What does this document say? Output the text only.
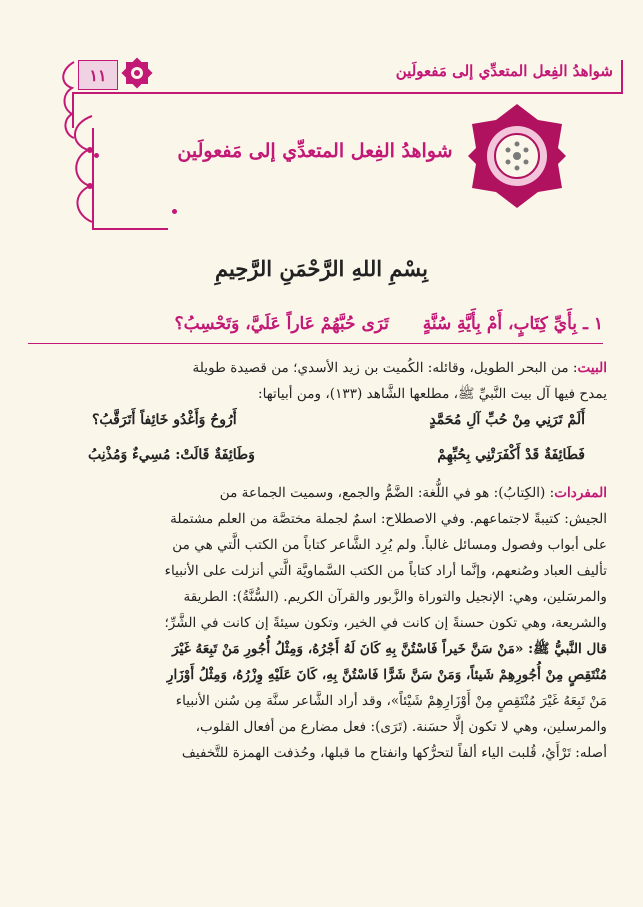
شواهدُ الفِعل المتعدِّي إلى مَفعولَين
١١
شواهدُ الفِعل المتعدِّي إلى مَفعولَين
بِسْمِ اللهِ الرَّحْمَنِ الرَّحِيمِ
١ ـ بِأَيِّ كِتَابٍ، أَمْ بِأَيَّةِ سُنَّةٍ  تَرَى حُبَّهُمْ عَاراً عَلَيَّ، وَتَحْسِبُ؟
البيت: من البحر الطويل، وقائله: الكُميت بن زيد الأسدي؛ من قصيدة طويلة
يمدح فيها آل بيت النَّبيِّ ﷺ، مطلعها الشَّاهد (١٣٣)، ومن أبياتها:
أَلَمْ تَرَنِي مِنْ حُبِّ آلِ مُحَمَّدٍ
أَرُوحُ وَأَغْدُو خَائِفاً أَتَرَقَّبُ؟
فَطَائِفَةٌ قَدْ أَكْفَرَتْنِي بِحُبِّهِمْ
وَطَائِفَةٌ قَالَتْ: مُسِيءٌ وَمُذْنِبُ
المفردات: (الكِتابُ): هو في اللُّغة: الضَّمُّ والجمع، وسميت الجماعة من
الجيش: كتيبةً لاجتماعهم. وفي الاصطلاح: اسمٌ لجملة مختصَّة من العلم مشتملة
على أبواب وفصول ومسائل غالباً. ولم يُرِد الشَّاعر كتاباً من الكتب الَّتي هي من
تأليف العباد وصُنعهم، وإنَّما أراد كتاباً من الكتب السَّماويَّة الَّتي أنزلت على الأنبياء
والمرسَلين، وهي: الإنجيل والتوراة والزَّبور والقرآن الكريم. (السُّنَّةُ): الطريقة
والشريعة، وهي تكون حسنةً إن كانت في الخير، وتكون سيئةً إن كانت في الشَّرِّ؛
قال النَّبيُّ ﷺ: «مَنْ سَنَّ خَيراً فَاسْتُنَّ بِهِ كَانَ لَهُ أَجْرُهُ، وَمِثْلُ أُجُورِ مَنْ تَبِعَهُ غَيْرَ
مُنْتَقِصٍ مِنْ أُجُورِهِمْ شَيئاً، وَمَنْ سَنَّ شَرًّا فَاسْتُنَّ بِهِ، كَانَ عَلَيْهِ وِزْرُهُ، وَمِثْلُ أَوْزَارِ
مَنْ تَبِعَهُ غَيْرَ مُنْتَقِصٍ مِنْ أَوْزَارِهِمْ شَيْئاً»، وقد أراد الشَّاعر سنَّة مِن سُنن الأنبياء
والمرسلين، وهي لا تكون إلَّا حسَنة. (تَرَى): فعل مضارع من أفعال القلوب،
أصله: تَرْأَيُ، قُلبت الياء ألفاً لتحرُّكها وانفتاح ما قبلها، وحُذفت الهمزة للتَّخفيف
